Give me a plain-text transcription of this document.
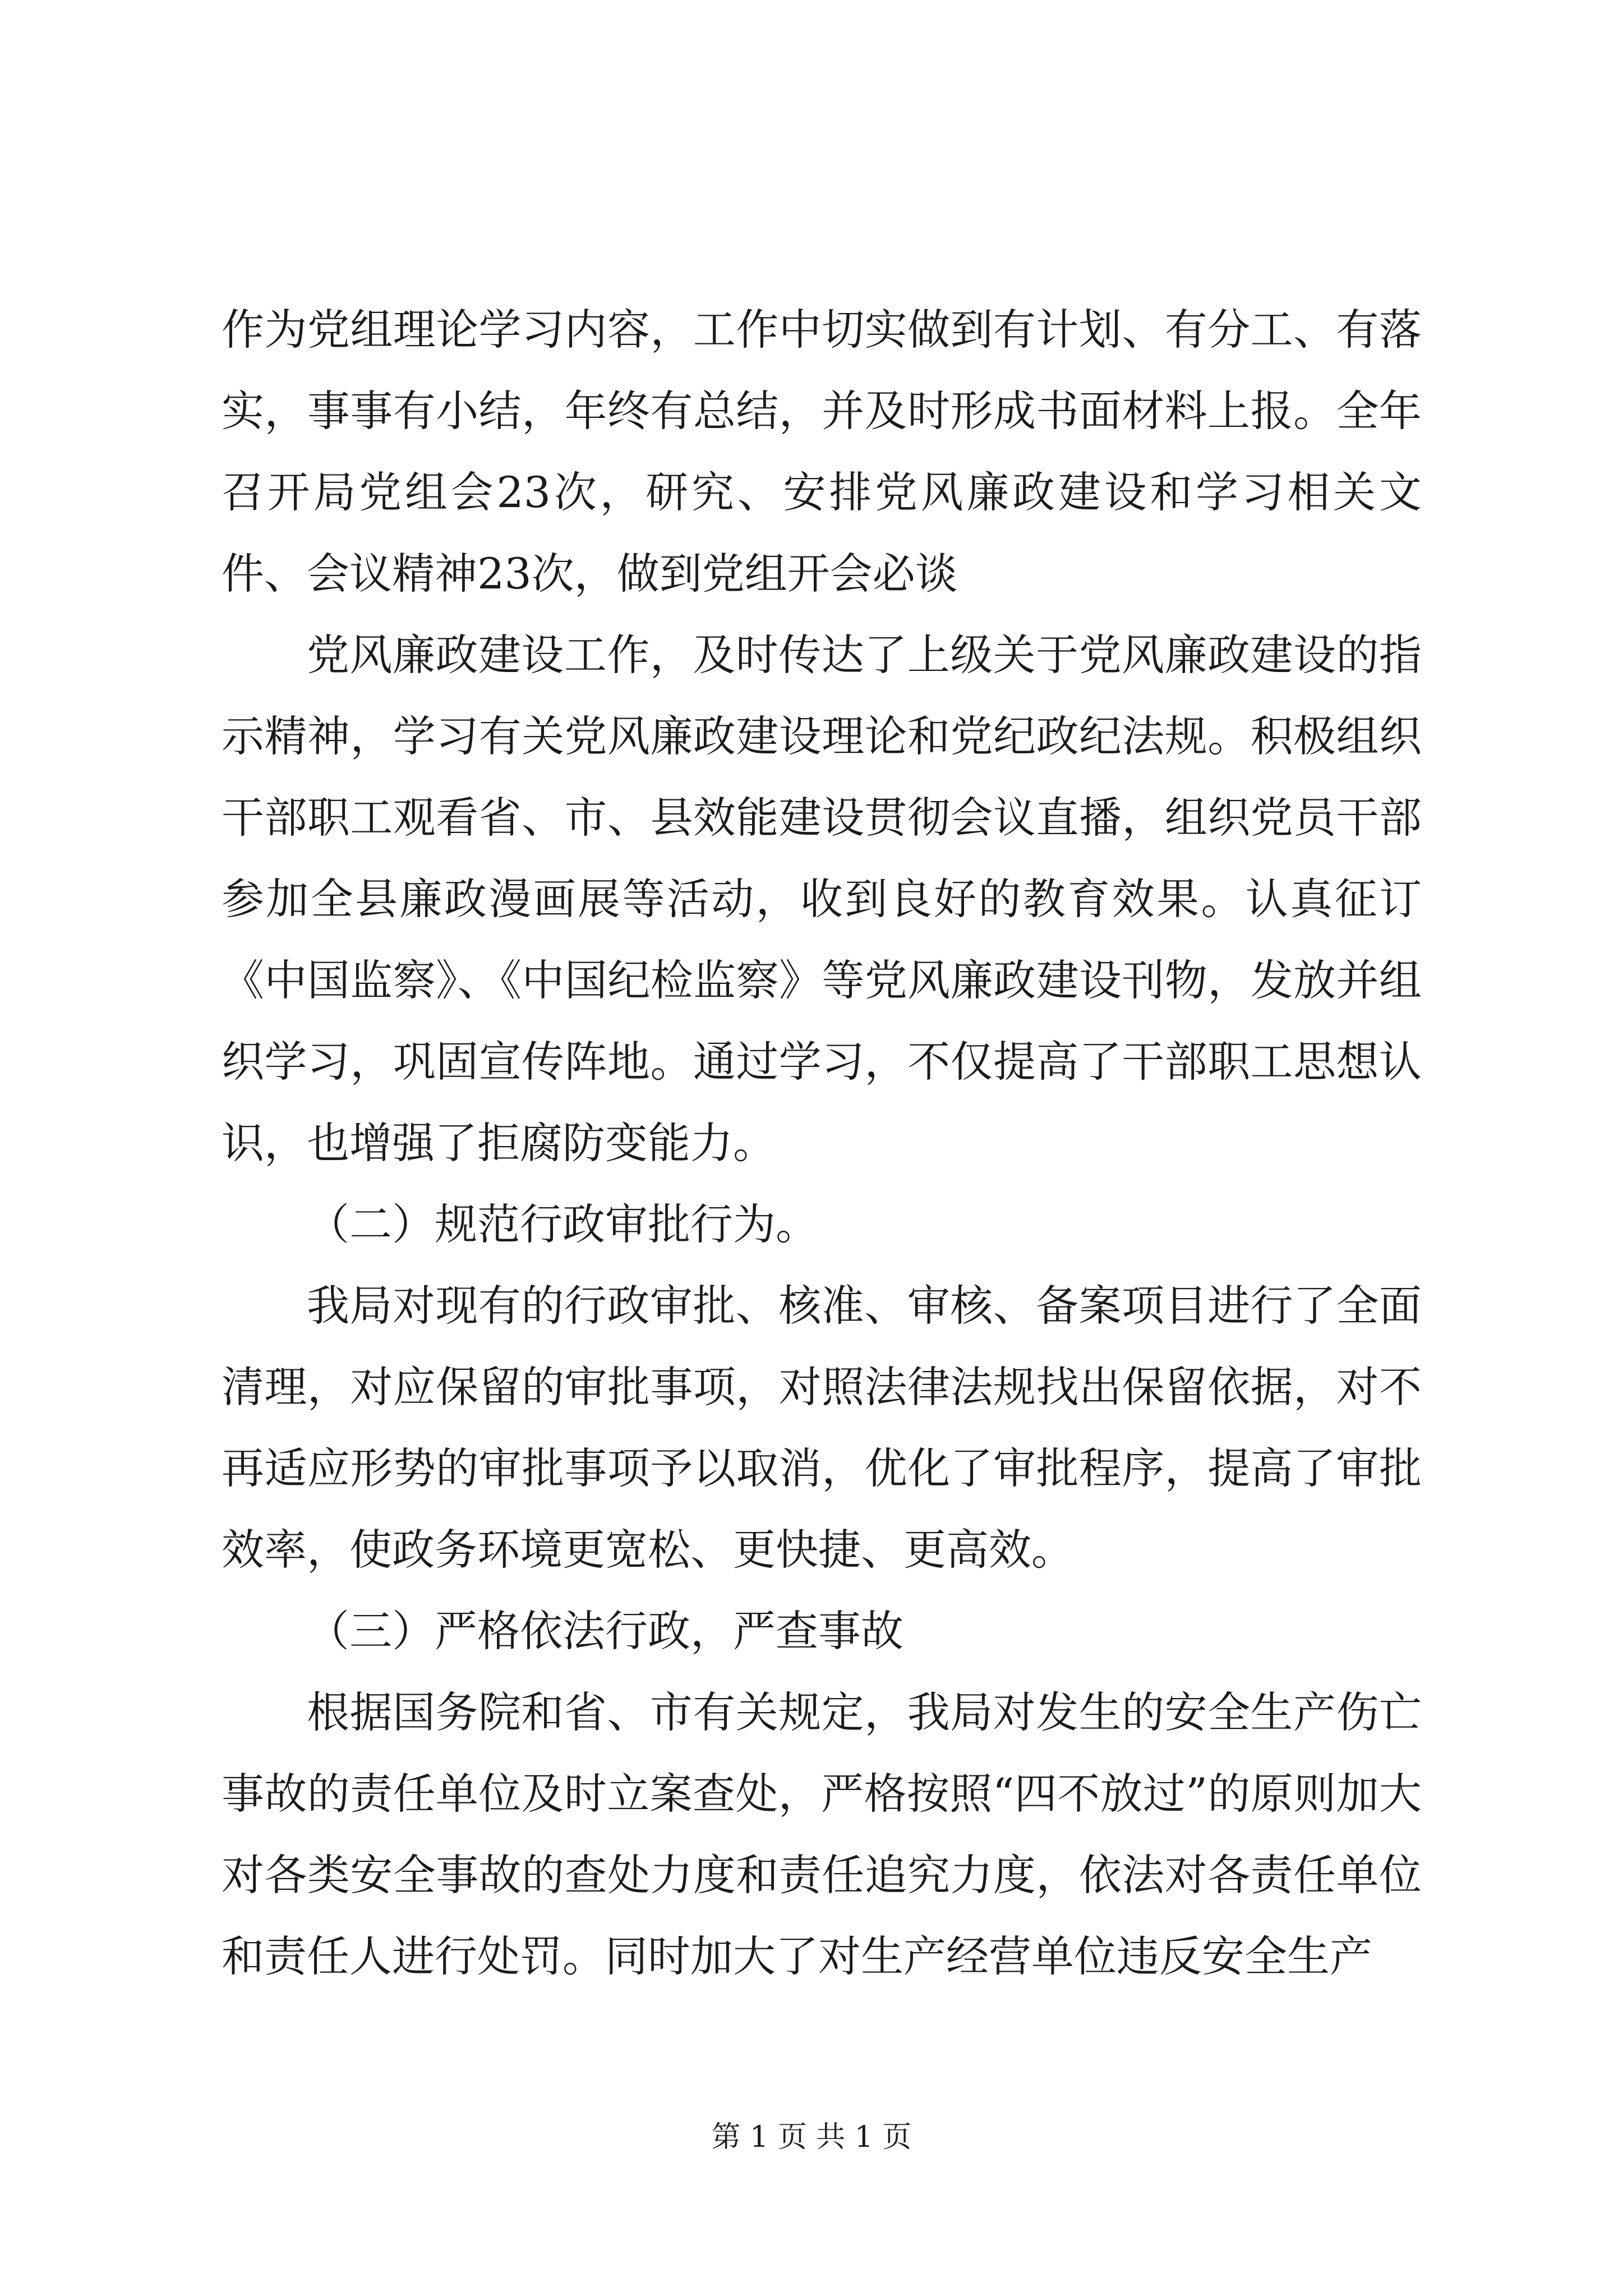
作为党组理论学习内容，工作中切实做到有计划、有分工、有落实，事事有小结，年终有总结，并及时形成书面材料上报。全年召开局党组会23次，研究、安排党风廉政建设和学习相关文件、会议精神23次，做到党组开会必谈

党风廉政建设工作，及时传达了上级关于党风廉政建设的指示精神，学习有关党风廉政建设理论和党纪政纪法规。积极组织干部职工观看省、市、县效能建设贯彻会议直播，组织党员干部参加全县廉政漫画展等活动，收到良好的教育效果。认真征订《中国监察》、《中国纪检监察》等党风廉政建设刊物，发放并组织学习，巩固宣传阵地。通过学习，不仅提高了干部职工思想认识，也增强了拒腐防变能力。

（二）规范行政审批行为。

我局对现有的行政审批、核准、审核、备案项目进行了全面清理，对应保留的审批事项，对照法律法规找出保留依据，对不再适应形势的审批事项予以取消，优化了审批程序，提高了审批效率，使政务环境更宽松、更快捷、更高效。

（三）严格依法行政，严查事故

根据国务院和省、市有关规定，我局对发生的安全生产伤亡事故的责任单位及时立案查处，严格按照“四不放过”的原则加大对各类安全事故的查处力度和责任追究力度，依法对各责任单位和责任人进行处罚。同时加大了对生产经营单位违反安全生产

第 1 页 共 1 页
